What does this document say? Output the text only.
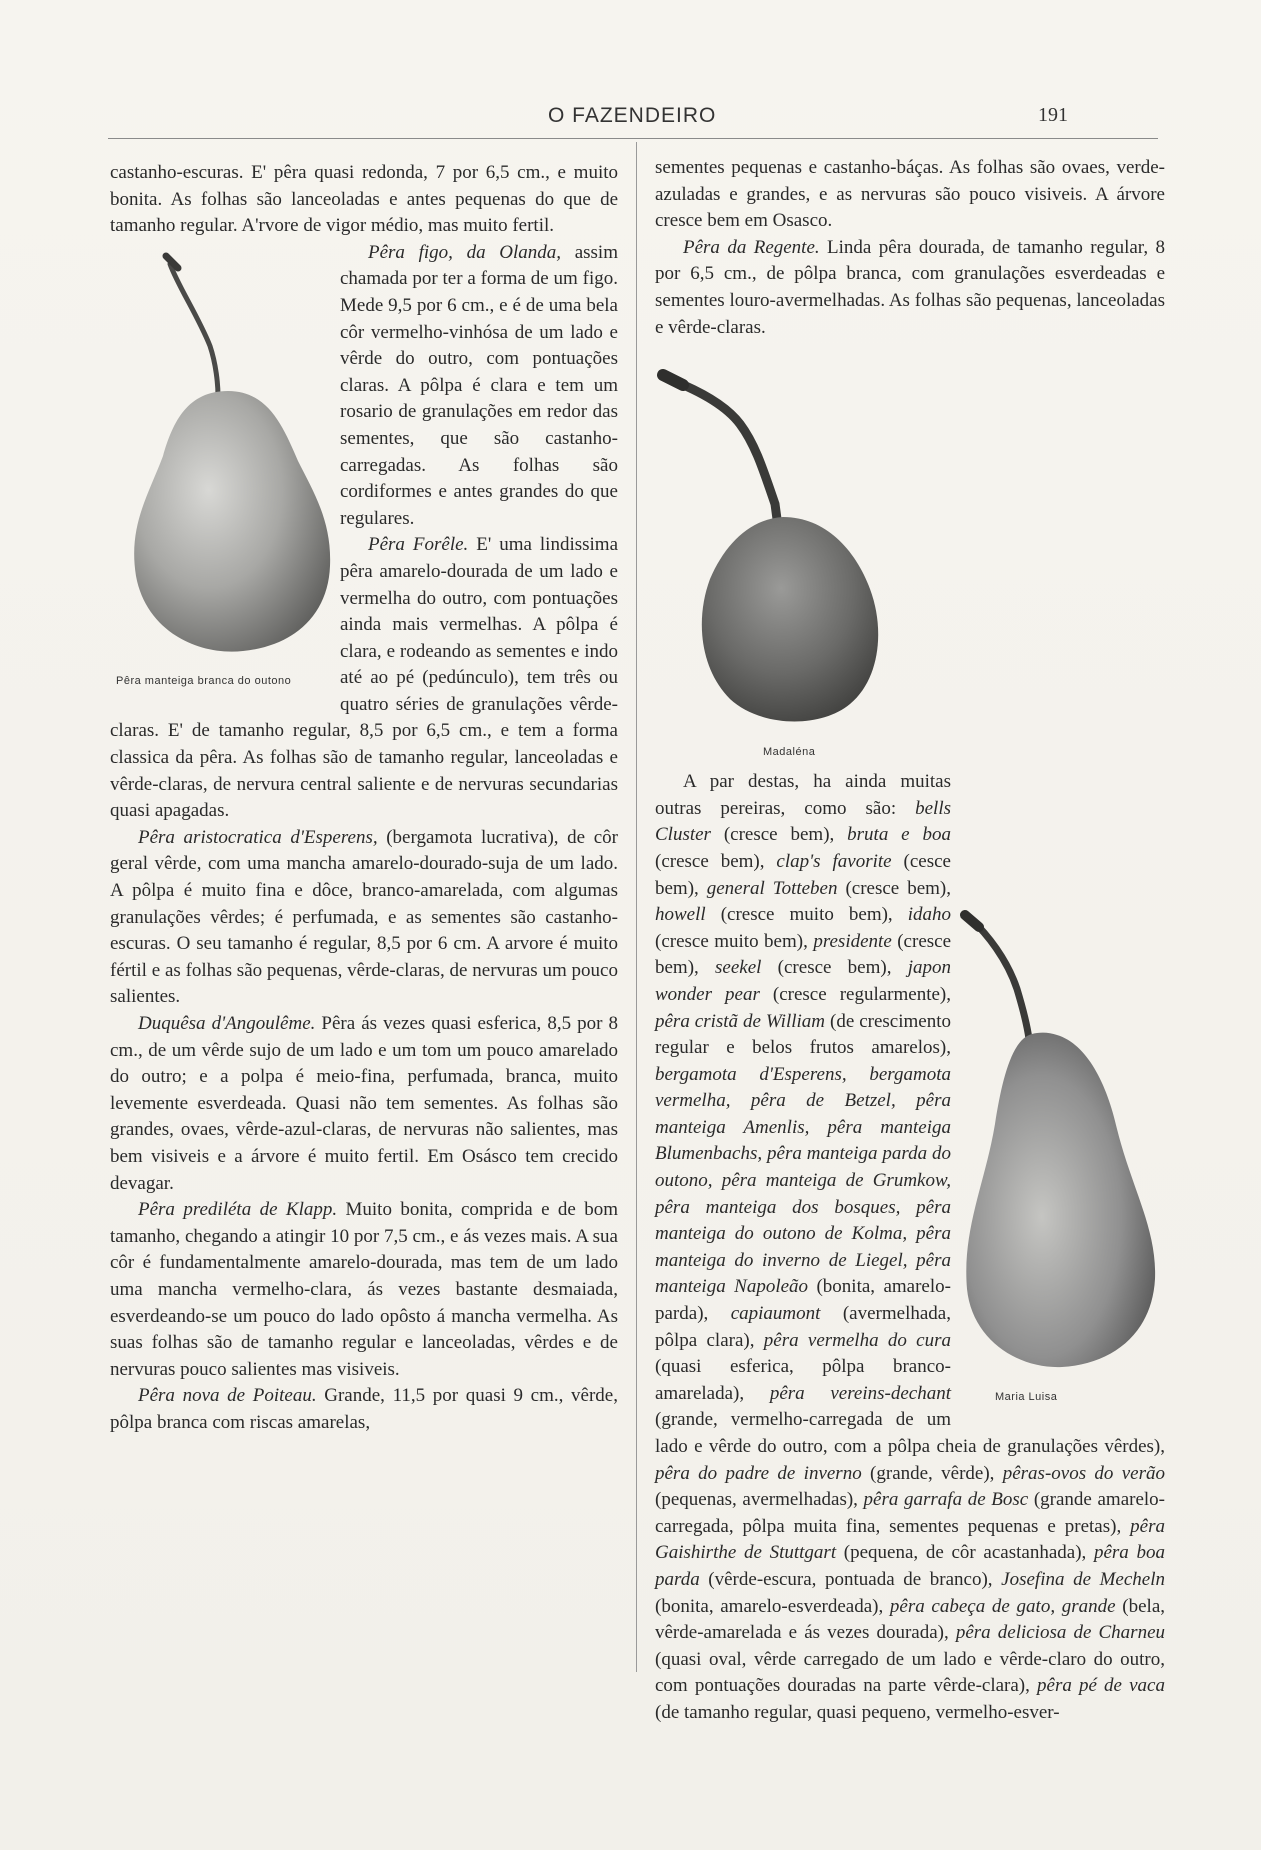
O FAZENDEIRO	191

castanho-escuras. E' pêra quasi redonda, 7 por 6,5 cm., e muito bonita. As folhas são lanceoladas e antes pequenas do que de tamanho regular. A'rvore de vigor médio, mas muito fertil.

Pêra manteiga branca do outono

Pêra figo, da Olanda, assim chamada por ter a forma de um figo. Mede 9,5 por 6 cm., e é de uma bela côr vermelho-vinhósa de um lado e vêrde do outro, com pontuações claras. A pôlpa é clara e tem um rosario de granulações em redor das sementes, que são castanho-carregadas. As folhas são cordiformes e antes grandes do que regulares.

Pêra Forêle. E' uma lindissima pêra amarelo-dourada de um lado e vermelha do outro, com pontuações ainda mais vermelhas. A pôlpa é clara, e rodeando as sementes e indo até ao pé (pedúnculo), tem três ou quatro séries de granulações vêrde-claras. E' de tamanho regular, 8,5 por 6,5 cm., e tem a forma classica da pêra. As folhas são de tamanho regular, lanceoladas e vêrde-claras, de nervura central saliente e de nervuras secundarias quasi apagadas.

Pêra aristocratica d'Esperens, (bergamota lucrativa), de côr geral vêrde, com uma mancha amarelo-dourado-suja de um lado. A pôlpa é muito fina e dôce, branco-amarelada, com algumas granulações vêrdes; é perfumada, e as sementes são castanho-escuras. O seu tamanho é regular, 8,5 por 6 cm. A arvore é muito fértil e as folhas são pequenas, vêrde-claras, de nervuras um pouco salientes.

Duquêsa d'Angoulême. Pêra ás vezes quasi esferica, 8,5 por 8 cm., de um vêrde sujo de um lado e um tom um pouco amarelado do outro; e a polpa é meio-fina, perfumada, branca, muito levemente esverdeada. Quasi não tem sementes. As folhas são grandes, ovaes, vêrde-azul-claras, de nervuras não salientes, mas bem visiveis e a árvore é muito fertil. Em Osásco tem crecido devagar.

Pêra prediléta de Klapp. Muito bonita, comprida e de bom tamanho, chegando a atingir 10 por 7,5 cm., e ás vezes mais. A sua côr é fundamentalmente amarelo-dourada, mas tem de um lado uma mancha vermelho-clara, ás vezes bastante desmaiada, esverdeando-se um pouco do lado opôsto á mancha vermelha. As suas folhas são de tamanho regular e lanceoladas, vêrdes e de nervuras pouco salientes mas visiveis.

Pêra nova de Poiteau. Grande, 11,5 por quasi 9 cm., vêrde, pôlpa branca com riscas amarelas,

sementes pequenas e castanho-báças. As folhas são ovaes, verde-azuladas e grandes, e as nervuras são pouco visiveis. A árvore cresce bem em Osasco.

Pêra da Regente. Linda pêra dourada, de tamanho regular, 8 por 6,5 cm., de pôlpa branca, com granulações esverdeadas e sementes louro-avermelhadas. As folhas são pequenas, lanceoladas e vêrde-claras.

Madaléna
Maria Luisa

A par destas, ha ainda muitas outras pereiras, como são: bells Cluster (cresce bem), bruta e boa (cresce bem), clap's favorite (cesce bem), general Totteben (cresce bem), howell (cresce muito bem), idaho (cresce muito bem), presidente (cresce bem), seekel (cresce bem), japon wonder pear (cresce regularmente), pêra cristã de William (de crescimento regular e belos frutos amarelos), bergamota d'Esperens, bergamota vermelha, pêra de Betzel, pêra manteiga Amenlis, pêra manteiga Blumenbachs, pêra manteiga parda do outono, pêra manteiga de Grumkow, pêra manteiga dos bosques, pêra manteiga do outono de Kolma, pêra manteiga do inverno de Liegel, pêra manteiga Napoleão (bonita, amarelo-parda), capiaumont (avermelhada, pôlpa clara), pêra vermelha do cura (quasi esferica, pôlpa branco-amarelada), pêra vereins-dechant (grande, vermelho-carregada de um lado e vêrde do outro, com a pôlpa cheia de granulações vêrdes), pêra do padre de inverno (grande, vêrde), pêras-ovos do verão (pequenas, avermelhadas), pêra garrafa de Bosc (grande amarelo-carregada, pôlpa muita fina, sementes pequenas e pretas), pêra Gaishirthe de Stuttgart (pequena, de côr acastanhada), pêra boa parda (vêrde-escura, pontuada de branco), Josefina de Mecheln (bonita, amarelo-esverdeada), pêra cabeça de gato, grande (bela, vêrde-amarelada e ás vezes dourada), pêra deliciosa de Charneu (quasi oval, vêrde carregado de um lado e vêrde-claro do outro, com pontuações douradas na parte vêrde-clara), pêra pé de vaca (de tamanho regular, quasi pequeno, vermelho-esver-
